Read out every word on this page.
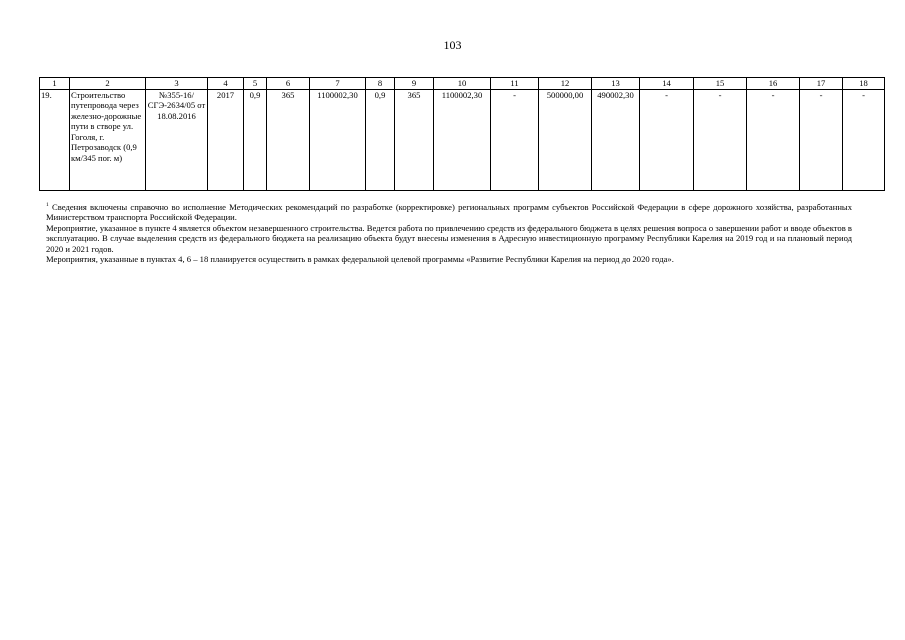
103
1	2	3	4	5	6	7	8	9	10	11	12	13	14	15	16	17	18
19.	Строительство путепровода через железно-дорожные пути в створе ул. Гоголя, г. Петрозаводск (0,9 км/345 пог. м)	№355-16/СГЭ-2634/05 от 18.08.2016	2017	0,9	365	1100002,30	0,9	365	1100002,30	-	500000,00	490002,30	-	-	-	-	-

$^1$ Сведения включены справочно во исполнение Методических рекомендаций по разработке (корректировке) региональных программ субъектов Российской Федерации в сфере дорожного хозяйства, разработанных Министерством транспорта Российской Федерации.

Мероприятие, указанное в пункте 4 является объектом незавершенного строительства. Ведется работа по привлечению средств из федерального бюджета в целях решения вопроса о завершении работ и вводе объектов в эксплуатацию. В случае выделения средств из федерального бюджета на реализацию объекта будут внесены изменения в Адресную инвестиционную программу Республики Карелия на 2019 год и на плановый период 2020 и 2021 годов.

Мероприятия, указанные в пунктах 4, 6 – 18 планируется осуществить в рамках федеральной целевой программы «Развитие Республики Карелия на период до 2020 года».
